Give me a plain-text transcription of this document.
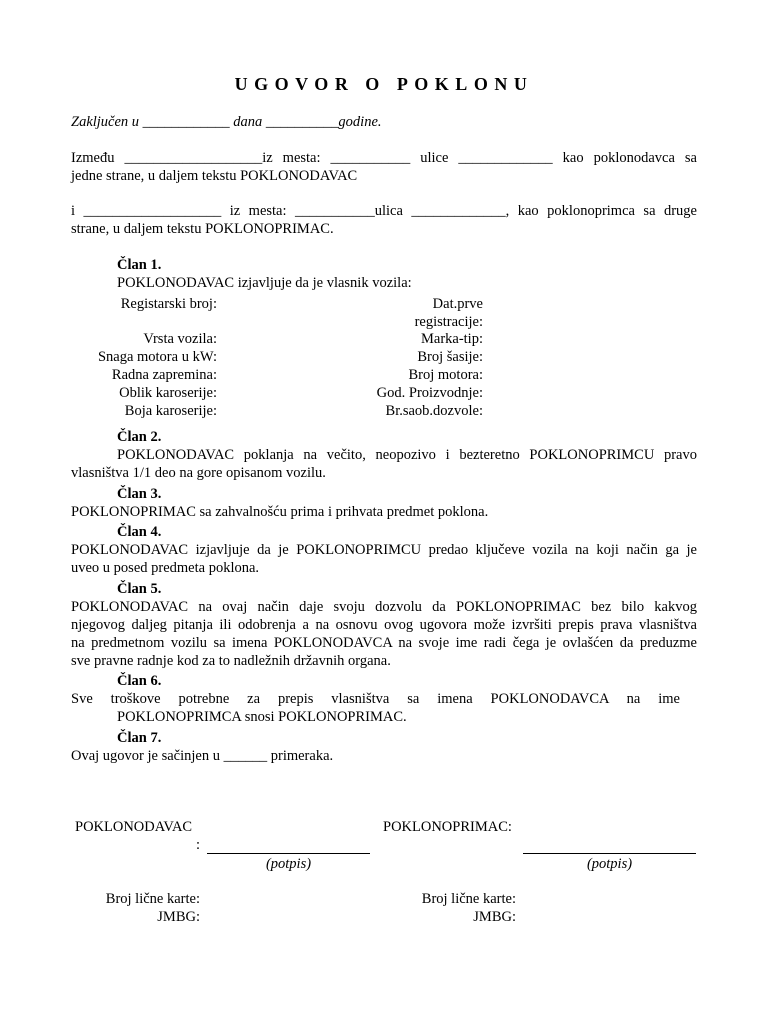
UGOVOR O POKLONU
Zaključen u ____________ dana __________godine.
Između ___________________iz mesta: ___________ ulice _____________ kao poklonodavca sa
jedne strane, u daljem tekstu POKLONODAVAC
i ___________________ iz mesta: ___________ulica _____________, kao poklonoprimca sa druge
strane, u daljem tekstu POKLONOPRIMAC.
Član 1.
POKLONODAVAC izjavljuje da je vlasnik vozila:
Registarski broj:
Vrsta vozila:
Snaga motora u kW:
Radna zapremina:
Oblik karoserije:
Boja karoserije:
Dat.prve
registracije:
Marka-tip:
Broj šasije:
Broj motora:
God. Proizvodnje:
Br.saob.dozvole:
Član 2.
POKLONODAVAC poklanja na večito, neopozivo i bezteretno POKLONOPRIMCU pravo
vlasništva 1/1 deo na gore opisanom vozilu.
Član 3.
POKLONOPRIMAC sa zahvalnošću prima i prihvata predmet poklona.
Član 4.
POKLONODAVAC izjavljuje da je POKLONOPRIMCU predao ključeve vozila na koji način ga je
uveo u posed predmeta poklona.
Član 5.
POKLONODAVAC na ovaj način daje svoju dozvolu da POKLONOPRIMAC bez bilo kakvog
njegovog daljeg pitanja ili odobrenja a na osnovu ovog ugovora može izvršiti prepis prava vlasništva
na predmetnom vozilu sa imena POKLONODAVCA na svoje ime radi čega je ovlašćen da preduzme
sve pravne radnje kod za to nadležnih državnih organa.
Član 6.
Sve troškove potrebne za prepis vlasništva sa imena POKLONODAVCA na ime
POKLONOPRIMCA snosi POKLONOPRIMAC.
Član 7.
Ovaj ugovor je sačinjen u ______ primeraka.
POKLONODAVAC
:
(potpis)
POKLONOPRIMAC:
(potpis)
Broj lične karte:
JMBG:
Broj lične karte:
JMBG:
